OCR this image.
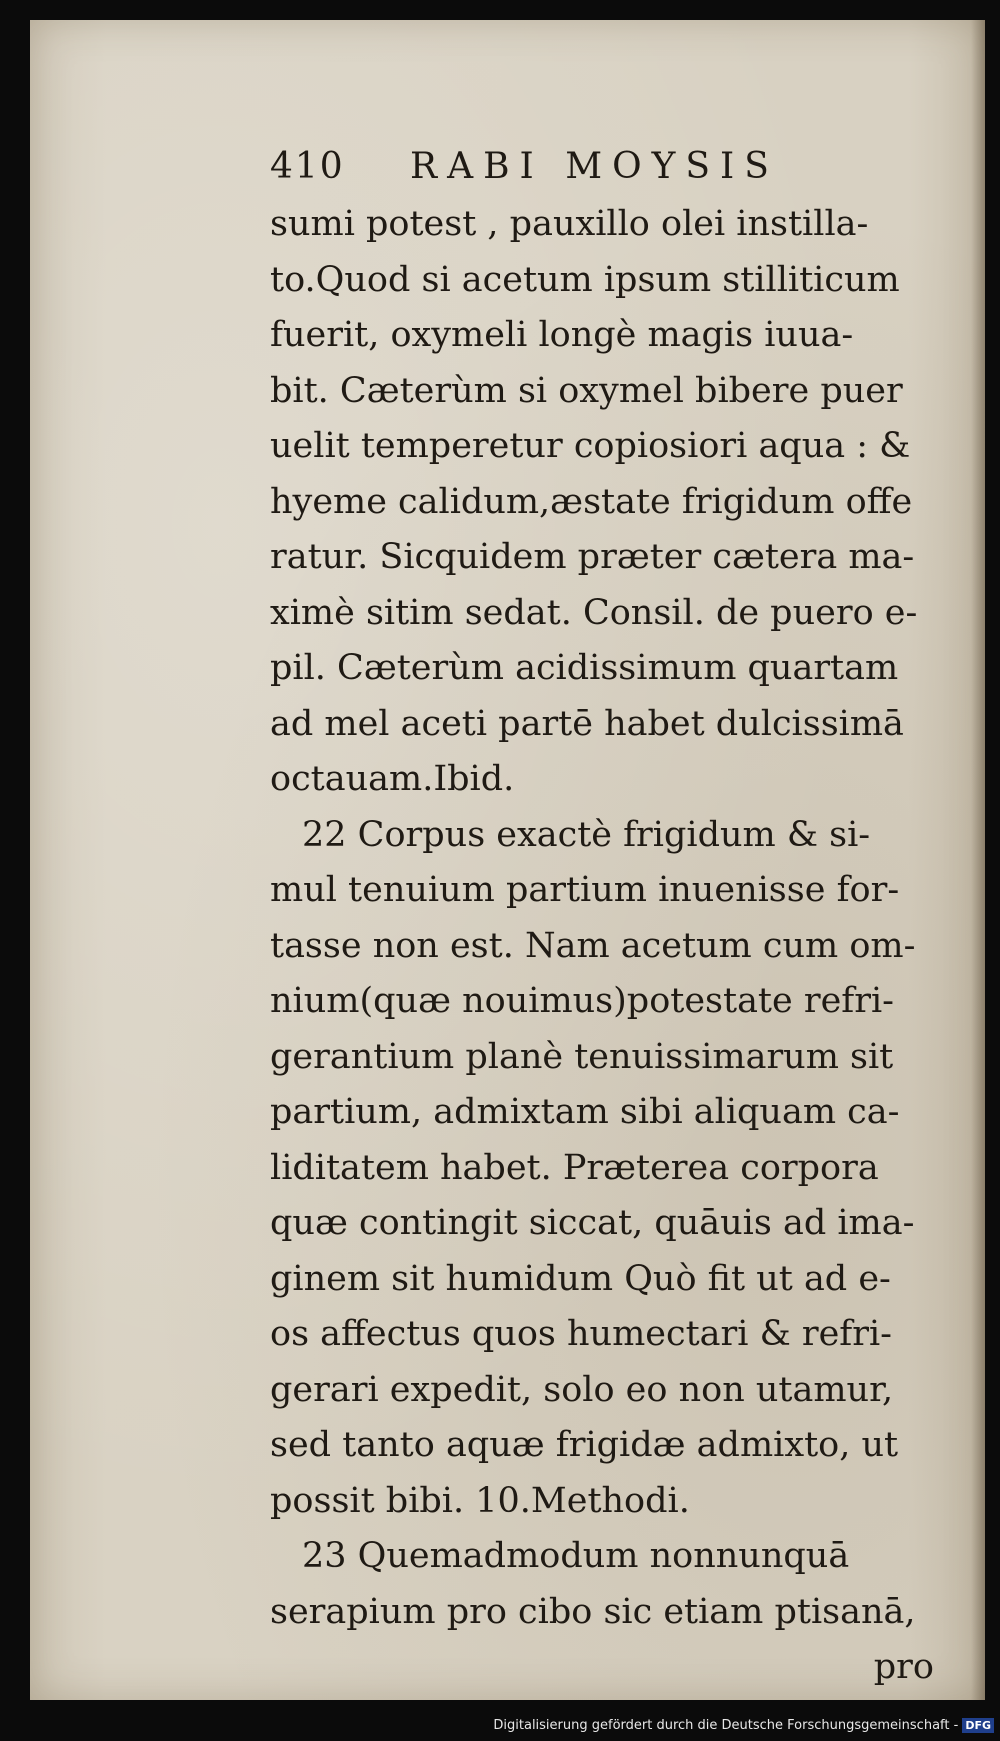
410 RABI MOYSIS
sumi potest , pauxillo olei instilla-
to.Quod si acetum ipsum stilliticum
fuerit, oxymeli longè magis iuua-
bit. Cæterùm si oxymel bibere puer
uelit temperetur copiosiori aqua : &
hyeme calidum,æstate frigidum offe
ratur. Sicquidem præter cætera ma-
ximè sitim sedat. Consil. de puero e-
pil. Cæterùm acidissimum quartam
ad mel aceti partē habet dulcissimā
octauam.Ibid.
22 Corpus exactè frigidum & si-
mul tenuium partium inuenisse for-
tasse non est. Nam acetum cum om-
nium(quæ nouimus)potestate refri-
gerantium planè tenuissimarum sit
partium, admixtam sibi aliquam ca-
liditatem habet. Præterea corpora
quæ contingit siccat, quāuis ad ima-
ginem sit humidum Quò fit ut ad e-
os affectus quos humectari & refri-
gerari expedit, solo eo non utamur,
sed tanto aquæ frigidæ admixto, ut
possit bibi. 10.Methodi.
23 Quemadmodum nonnunquā
serapium pro cibo sic etiam ptisanā,
pro
Digitalisierung gefördert durch die Deutsche Forschungsgemeinschaft - DFG
